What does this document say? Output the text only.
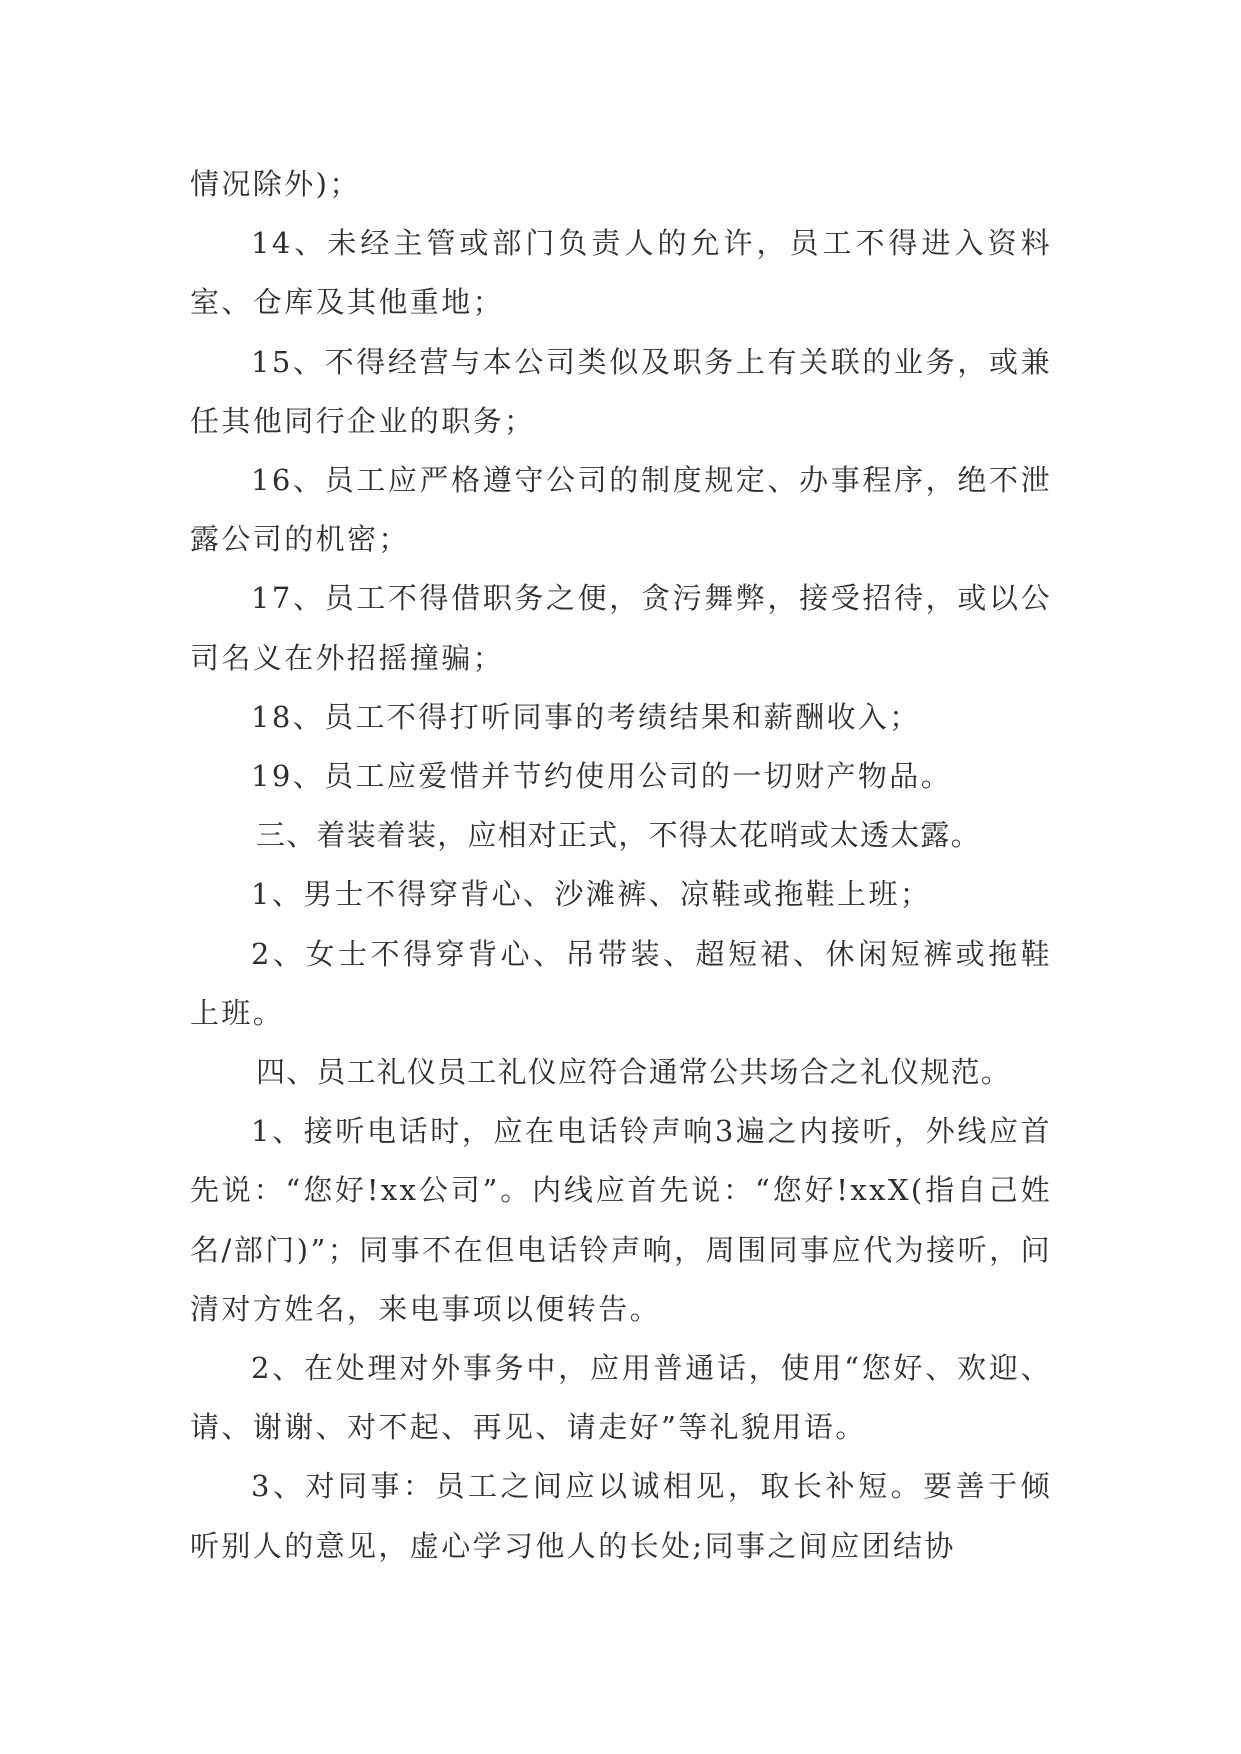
情况除外)；

14、未经主管或部门负责人的允许，员工不得进入资料室、仓库及其他重地；

15、不得经营与本公司类似及职务上有关联的业务，或兼任其他同行企业的职务；

16、员工应严格遵守公司的制度规定、办事程序，绝不泄露公司的机密；

17、员工不得借职务之便，贪污舞弊，接受招待，或以公司名义在外招摇撞骗；

18、员工不得打听同事的考绩结果和薪酬收入；

19、员工应爱惜并节约使用公司的一切财产物品。

三、着装着装，应相对正式，不得太花哨或太透太露。

1、男士不得穿背心、沙滩裤、凉鞋或拖鞋上班；

2、女士不得穿背心、吊带装、超短裙、休闲短裤或拖鞋上班。

四、员工礼仪员工礼仪应符合通常公共场合之礼仪规范。

1、接听电话时，应在电话铃声响3遍之内接听，外线应首先说：“您好!xx公司”。内线应首先说：“您好!xxX(指自己姓名/部门)”；同事不在但电话铃声响，周围同事应代为接听，问清对方姓名，来电事项以便转告。

2、在处理对外事务中，应用普通话，使用“您好、欢迎、请、谢谢、对不起、再见、请走好”等礼貌用语。

3、对同事：员工之间应以诚相见，取长补短。要善于倾听别人的意见，虚心学习他人的长处;同事之间应团结协
